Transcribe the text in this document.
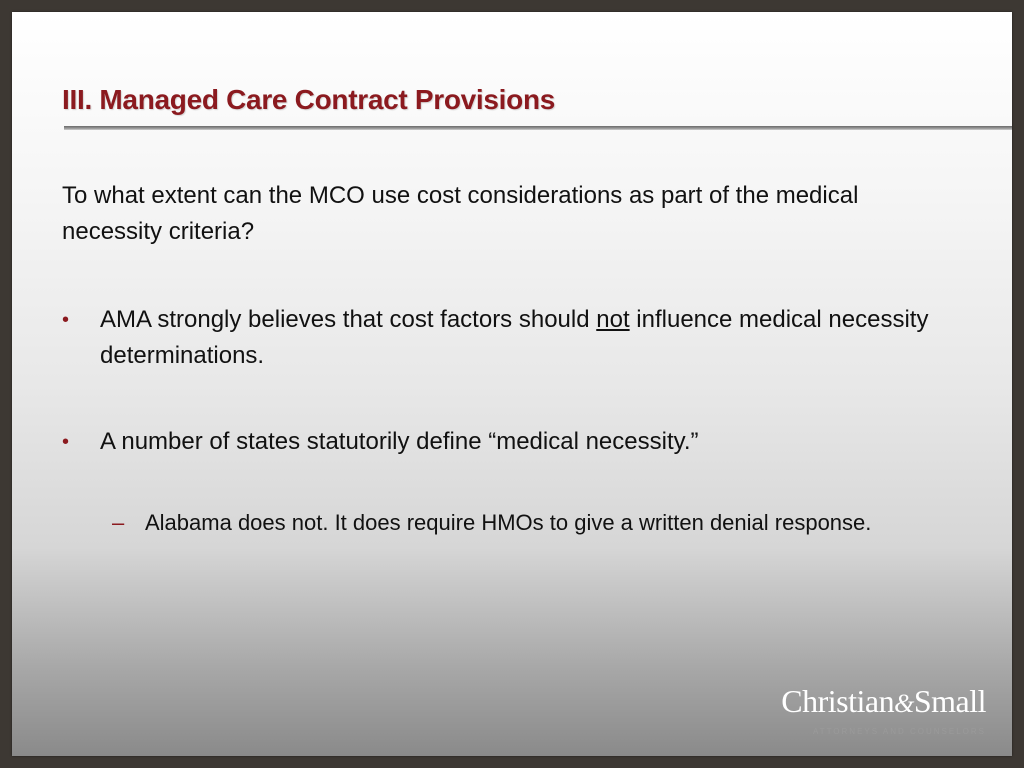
III. Managed Care Contract Provisions

To what extent can the MCO use cost considerations as part of the medical necessity criteria?

• AMA strongly believes that cost factors should not influence medical necessity determinations.
• A number of states statutorily define “medical necessity.”
– Alabama does not. It does require HMOs to give a written denial response.
Christian&Small
ATTORNEYS AND COUNSELORS
